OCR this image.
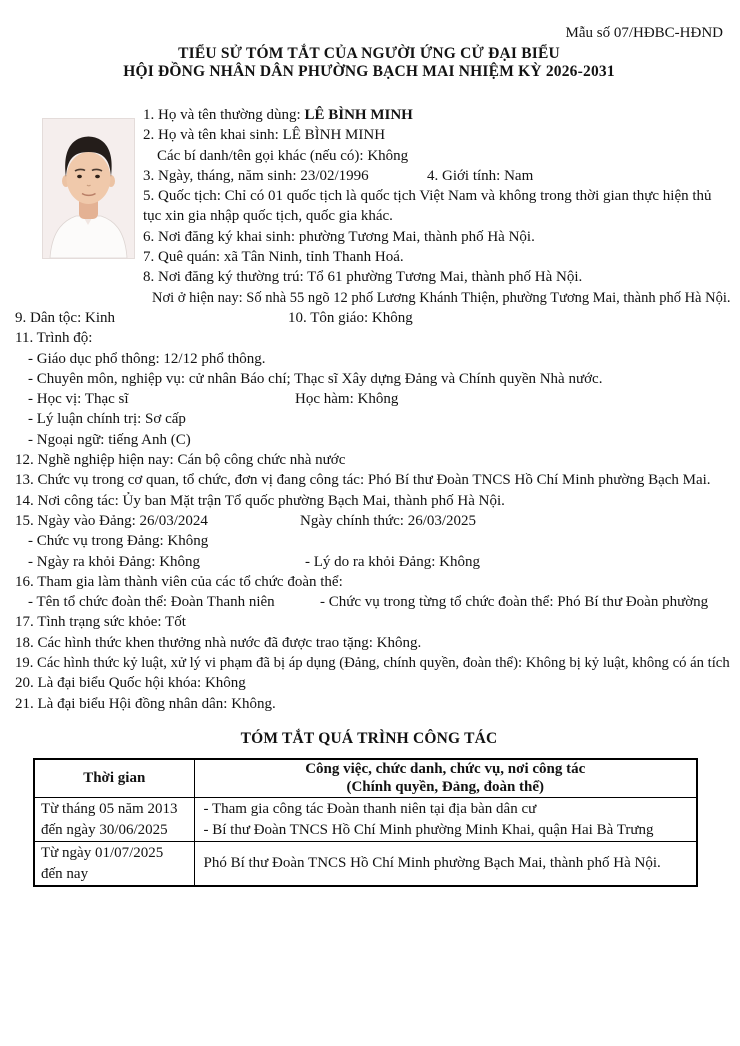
Mẫu số 07/HĐBC-HĐND
TIỂU SỬ TÓM TẮT CỦA NGƯỜI ỨNG CỬ ĐẠI BIỂU
HỘI ĐỒNG NHÂN DÂN PHƯỜNG BẠCH MAI NHIỆM KỲ 2026-2031
1. Họ và tên thường dùng: LÊ BÌNH MINH
2. Họ và tên khai sinh: LÊ BÌNH MINH
Các bí danh/tên gọi khác (nếu có): Không
3. Ngày, tháng, năm sinh: 23/02/1996	4. Giới tính: Nam
5. Quốc tịch: Chỉ có 01 quốc tịch là quốc tịch Việt Nam và không trong thời gian thực hiện thủ tục xin gia nhập quốc tịch, quốc gia khác.
6. Nơi đăng ký khai sinh: phường Tương Mai, thành phố Hà Nội.
7. Quê quán: xã Tân Ninh, tỉnh Thanh Hoá.
8. Nơi đăng ký thường trú: Tổ 61 phường Tương Mai, thành phố Hà Nội.
Nơi ở hiện nay: Số nhà 55 ngõ 12 phố Lương Khánh Thiện, phường Tương Mai, thành phố Hà Nội.
9. Dân tộc: Kinh	10. Tôn giáo: Không
11. Trình độ:
- Giáo dục phổ thông: 12/12 phổ thông.
- Chuyên môn, nghiệp vụ: cử nhân Báo chí; Thạc sĩ Xây dựng Đảng và Chính quyền Nhà nước.
- Học vị: Thạc sĩ	Học hàm: Không
- Lý luận chính trị: Sơ cấp
- Ngoại ngữ: tiếng Anh (C)
12. Nghề nghiệp hiện nay: Cán bộ công chức nhà nước
13. Chức vụ trong cơ quan, tổ chức, đơn vị đang công tác: Phó Bí thư Đoàn TNCS Hồ Chí Minh phường Bạch Mai.
14. Nơi công tác: Ủy ban Mặt trận Tổ quốc phường Bạch Mai, thành phố Hà Nội.
15. Ngày vào Đảng: 26/03/2024	Ngày chính thức: 26/03/2025
- Chức vụ trong Đảng: Không
- Ngày ra khỏi Đảng: Không	- Lý do ra khỏi Đảng: Không
16. Tham gia làm thành viên của các tổ chức đoàn thể:
- Tên tổ chức đoàn thể: Đoàn Thanh niên	- Chức vụ trong từng tổ chức đoàn thể: Phó Bí thư Đoàn phường
17. Tình trạng sức khỏe: Tốt
18. Các hình thức khen thưởng nhà nước đã được trao tặng: Không.
19. Các hình thức kỷ luật, xử lý vi phạm đã bị áp dụng (Đảng, chính quyền, đoàn thể): Không bị kỷ luật, không có án tích
20. Là đại biểu Quốc hội khóa: Không
21. Là đại biểu Hội đồng nhân dân: Không.
TÓM TẮT QUÁ TRÌNH CÔNG TÁC
Thời gian	Công việc, chức danh, chức vụ, nơi công tác
(Chính quyền, Đảng, đoàn thể)

Từ tháng 05 năm 2013
đến ngày 30/06/2025	- Tham gia công tác Đoàn thanh niên tại địa bàn dân cư
- Bí thư Đoàn TNCS Hồ Chí Minh phường Minh Khai, quận Hai Bà Trưng

Từ ngày 01/07/2025
đến nay	Phó Bí thư Đoàn TNCS Hồ Chí Minh phường Bạch Mai, thành phố Hà Nội.
